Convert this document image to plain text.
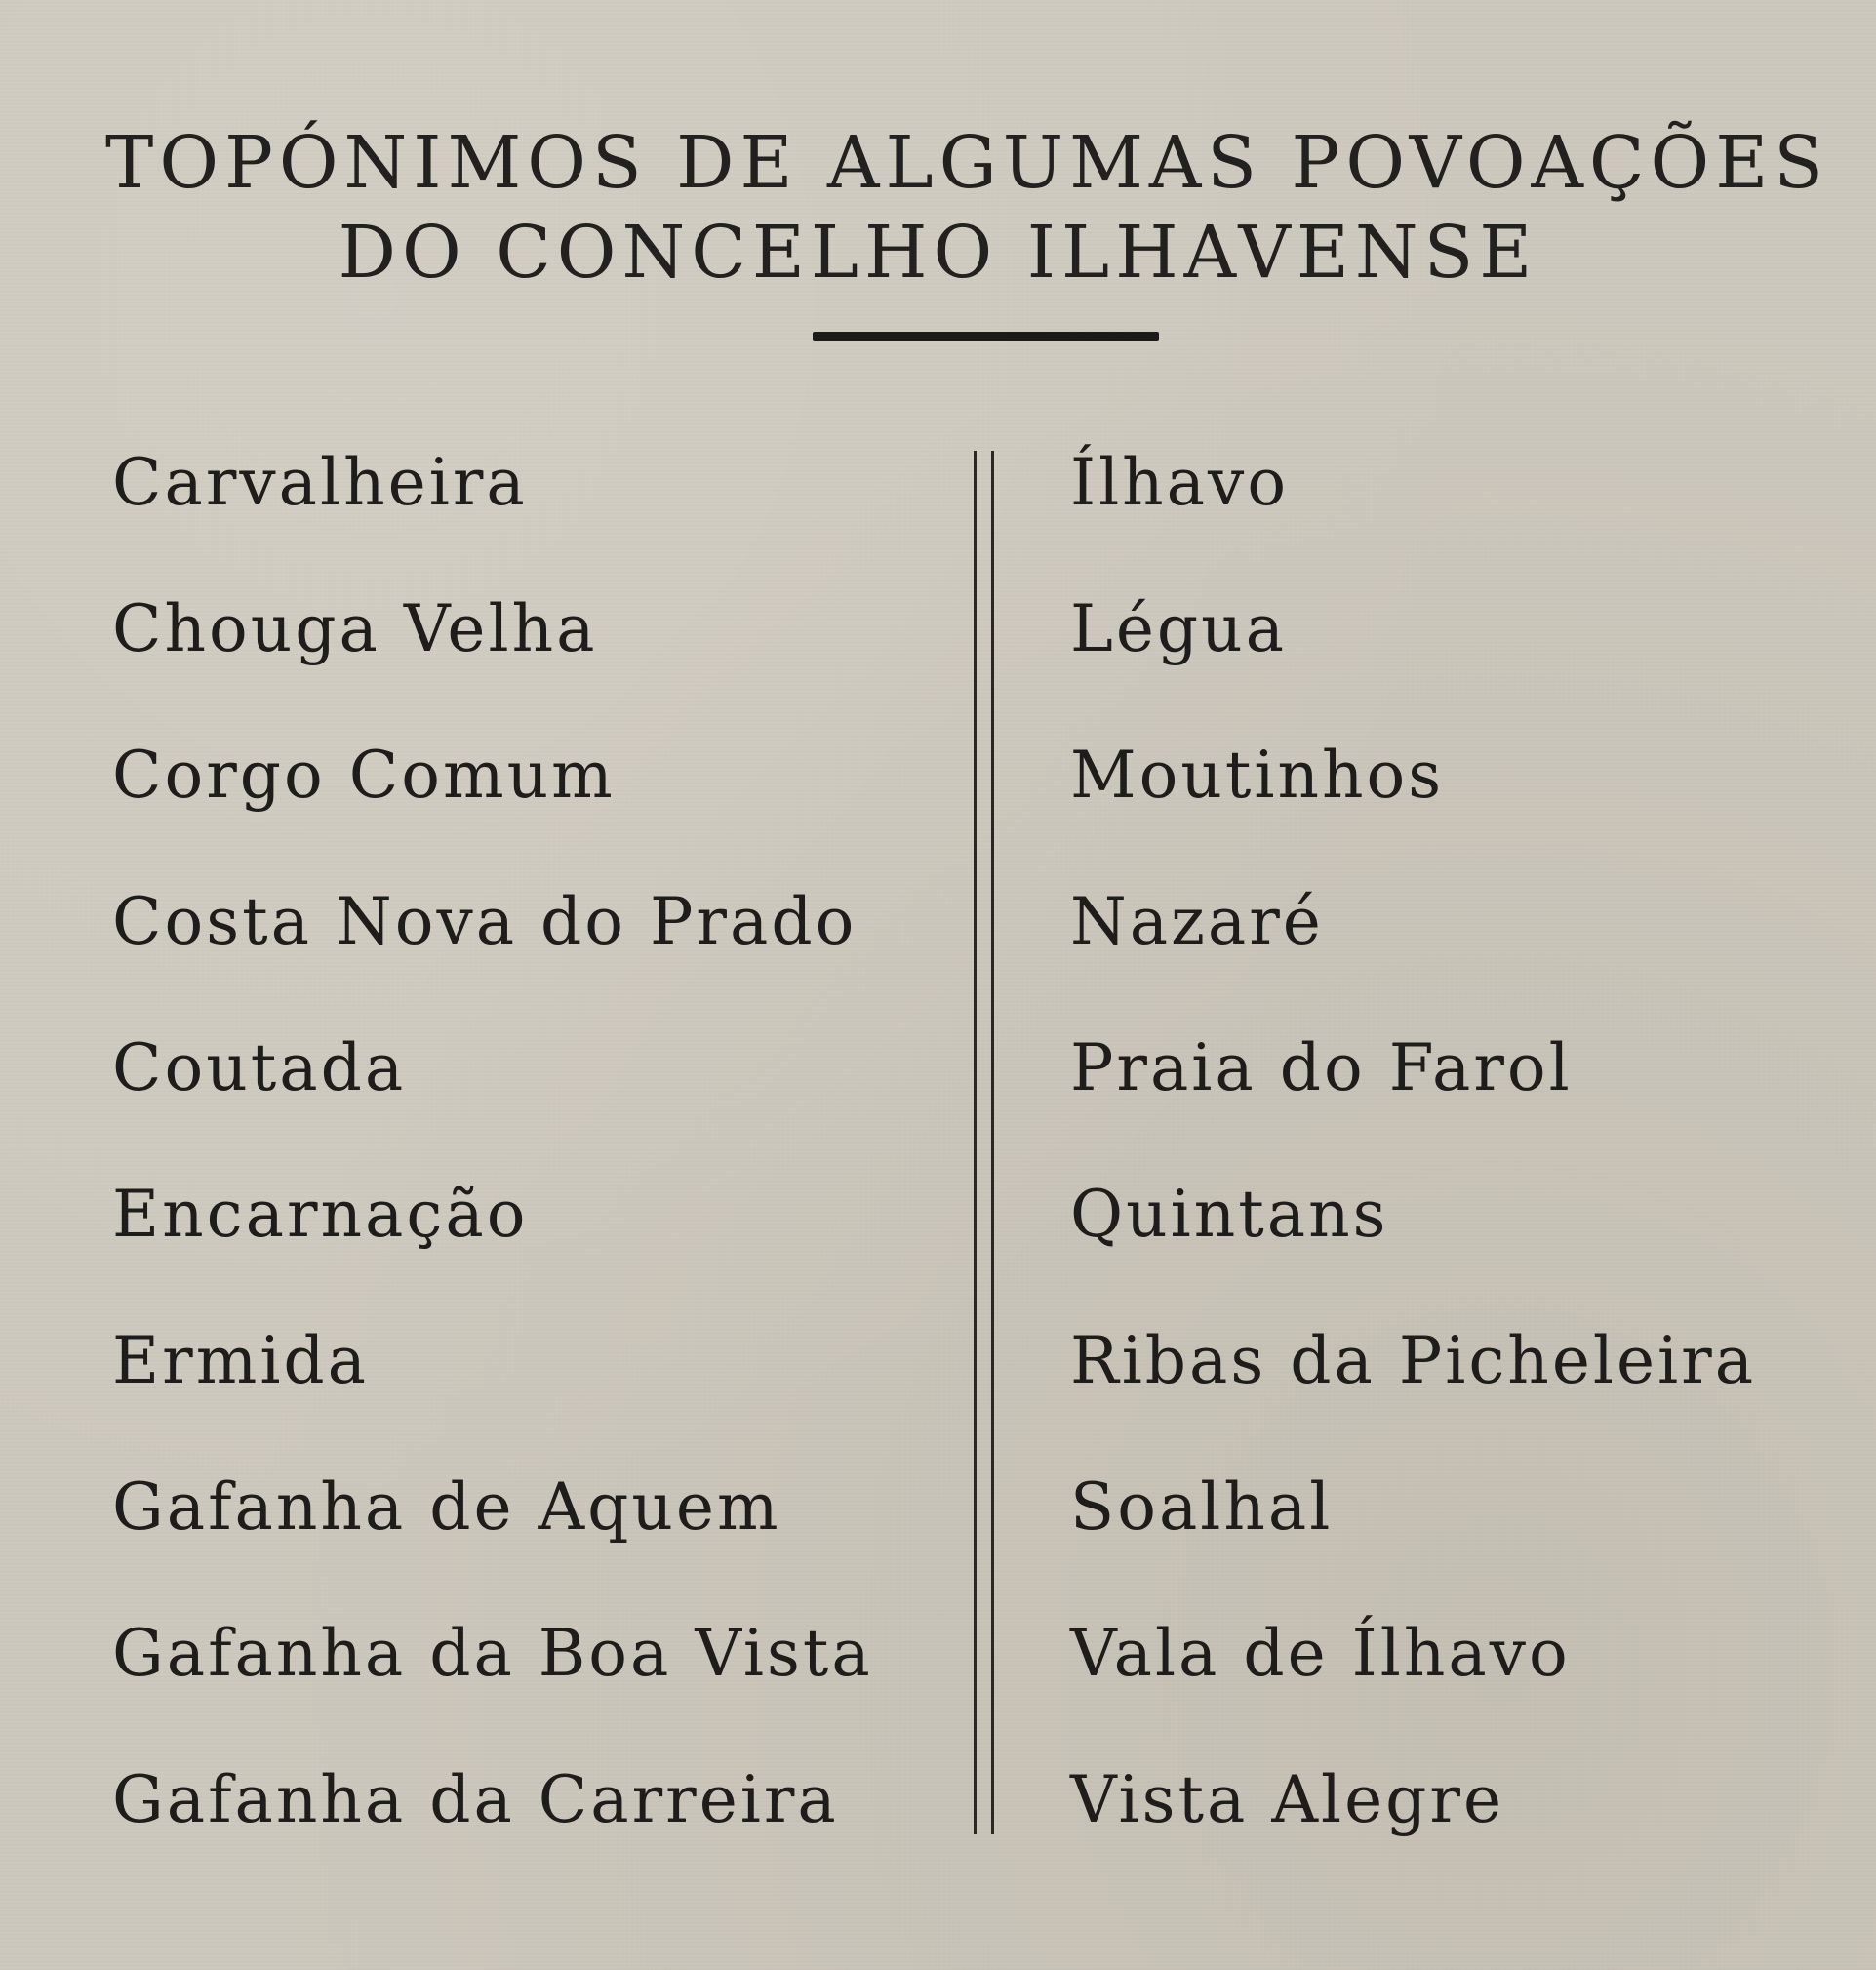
TOPÓNIMOS DE ALGUMAS POVOAÇÕES
DO CONCELHO ILHAVENSE
Carvalheira
Chouga Velha
Corgo Comum
Costa Nova do Prado
Coutada
Encarnação
Ermida
Gafanha de Aquem
Gafanha da Boa Vista
Gafanha da Carreira
Ílhavo
Légua
Moutinhos
Nazaré
Praia do Farol
Quintans
Ribas da Picheleira
Soalhal
Vala de Ílhavo
Vista Alegre
